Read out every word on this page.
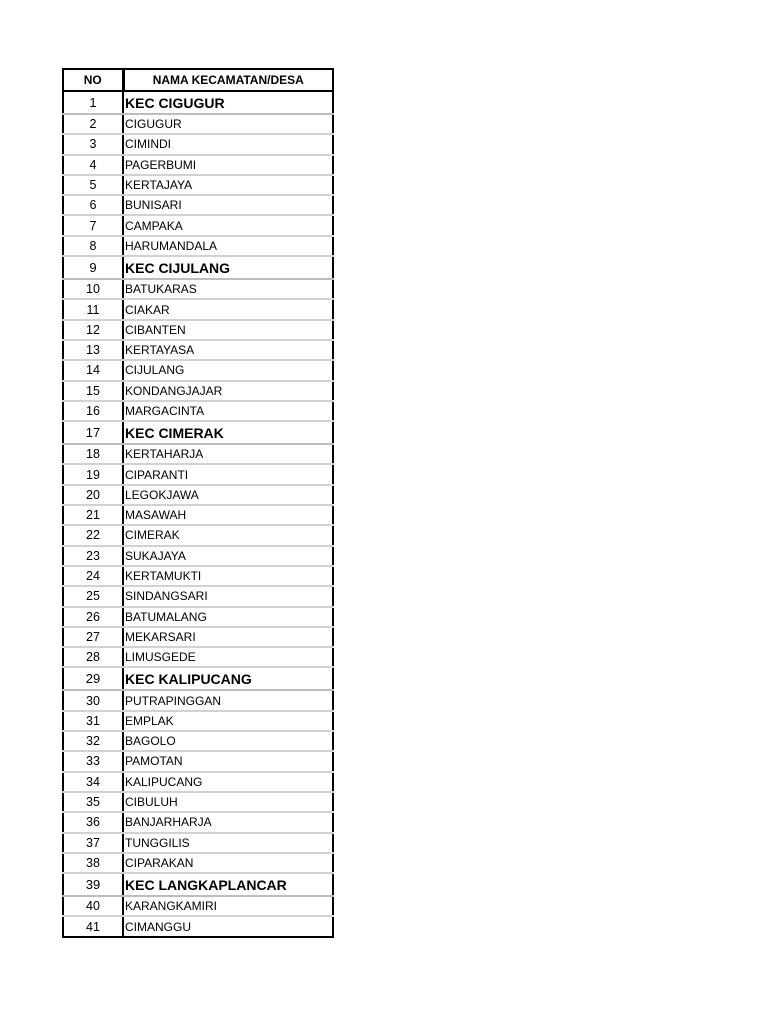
NO	NAMA KECAMATAN/DESA
1	KEC CIGUGUR
2	CIGUGUR
3	CIMINDI
4	PAGERBUMI
5	KERTAJAYA
6	BUNISARI
7	CAMPAKA
8	HARUMANDALA
9	KEC CIJULANG
10	BATUKARAS
11	CIAKAR
12	CIBANTEN
13	KERTAYASA
14	CIJULANG
15	KONDANGJAJAR
16	MARGACINTA
17	KEC CIMERAK
18	KERTAHARJA
19	CIPARANTI
20	LEGOKJAWA
21	MASAWAH
22	CIMERAK
23	SUKAJAYA
24	KERTAMUKTI
25	SINDANGSARI
26	BATUMALANG
27	MEKARSARI
28	LIMUSGEDE
29	KEC KALIPUCANG
30	PUTRAPINGGAN
31	EMPLAK
32	BAGOLO
33	PAMOTAN
34	KALIPUCANG
35	CIBULUH
36	BANJARHARJA
37	TUNGGILIS
38	CIPARAKAN
39	KEC LANGKAPLANCAR
40	KARANGKAMIRI
41	CIMANGGU
